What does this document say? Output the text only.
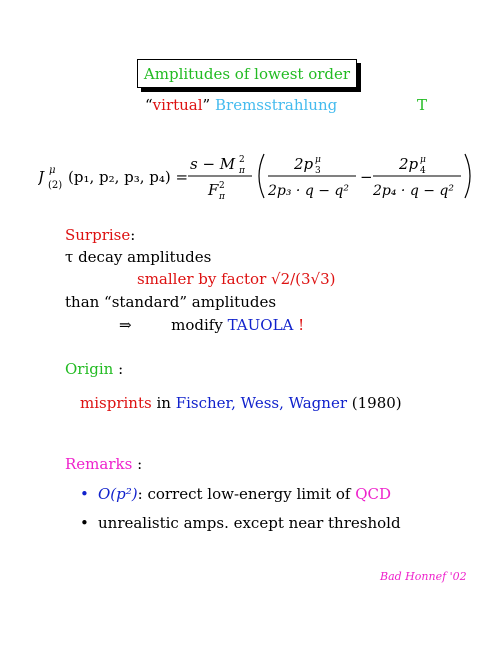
Amplitudes of lowest order
“virtual” Bremsstrahlung	T
J μ
(2) (p₁, p₂, p₃, p₄) =
s − M 2
π
F 2
π
2p 3
μ
2p₃ · q − q²
−
2p 4
μ
2p₄ · q − q²
Surprise:
τ decay amplitudes
smaller by factor √2/(3√3)
than “standard” amplitudes
⇒	modify TAUOLA !
Origin :
misprints in Fischer, Wess, Wagner (1980)
Remarks :
• O(p²): correct low-energy limit of QCD
• unrealistic amps. except near threshold
Bad Honnef '02
